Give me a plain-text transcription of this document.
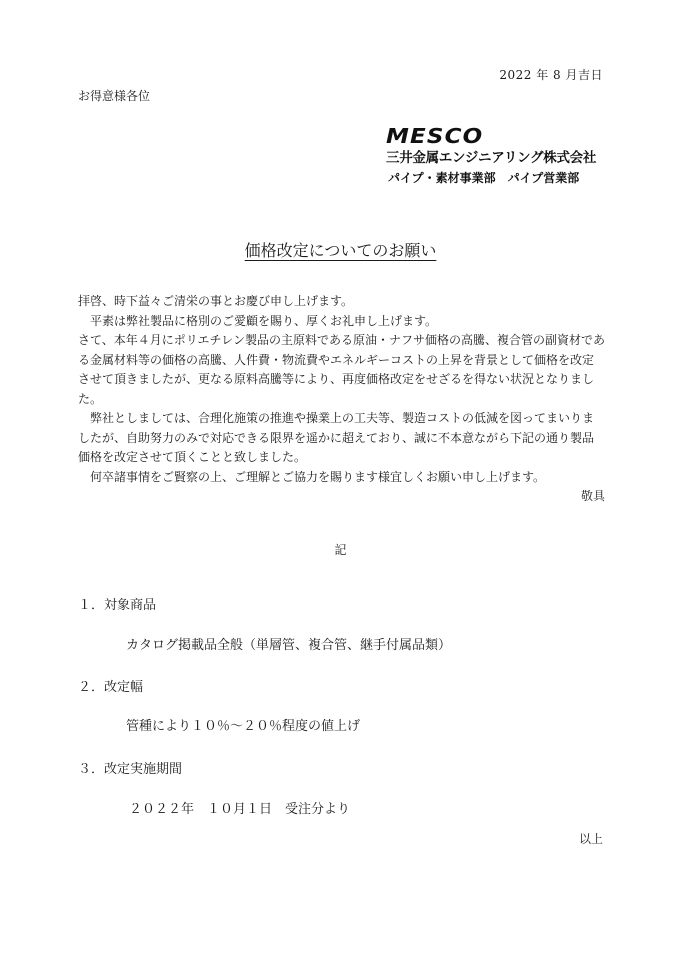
2022 年 8 月吉日
お得意様各位
MESCO
三井金属エンジニアリング株式会社
パイプ・素材事業部　パイプ営業部
価格改定についてのお願い

拝啓、時下益々ご清栄の事とお慶び申し上げます。

平素は弊社製品に格別のご愛顧を賜り、厚くお礼申し上げます。

さて、本年４月にポリエチレン製品の主原料である原油・ナフサ価格の高騰、複合管の副資材である金属材料等の価格の高騰、人件費・物流費やエネルギーコストの上昇を背景として価格を改定させて頂きましたが、更なる原料高騰等により、再度価格改定をせざるを得ない状況となりました。

弊社としましては、合理化施策の推進や操業上の工夫等、製造コストの低減を図ってまいりましたが、自助努力のみで対応できる限界を遥かに超えており、誠に不本意ながら下記の通り製品価格を改定させて頂くことと致しました。

何卒諸事情をご賢察の上、ご理解とご協力を賜ります様宜しくお願い申し上げます。

敬具

記
１．対象商品
カタログ掲載品全般（単層管、複合管、継手付属品類）
２．改定幅
管種により１０％～２０％程度の値上げ
３．改定実施期間
２０２２年　１０月１日　受注分より
以上
